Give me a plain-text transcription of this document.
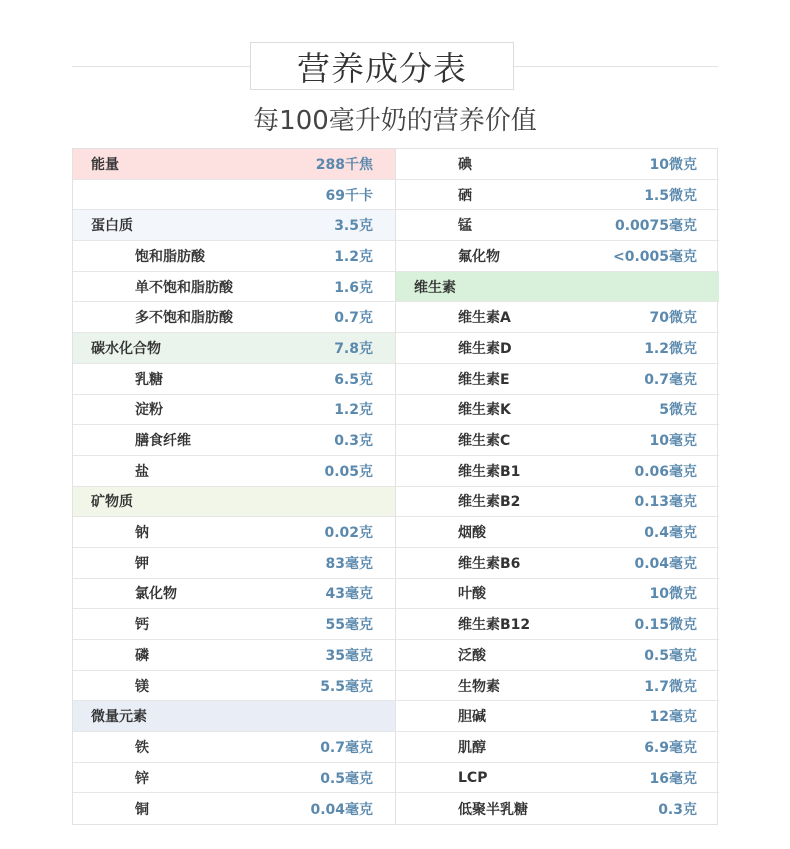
营养成分表
每100毫升奶的营养价值
能量	288千焦
69千卡
蛋白质	3.5克
饱和脂肪酸	1.2克
单不饱和脂肪酸	1.6克
多不饱和脂肪酸	0.7克
碳水化合物	7.8克
乳糖	6.5克
淀粉	1.2克
膳食纤维	0.3克
盐	0.05克
矿物质
钠	0.02克
钾	83毫克
氯化物	43毫克
钙	55毫克
磷	35毫克
镁	5.5毫克
微量元素
铁	0.7毫克
锌	0.5毫克
铜	0.04毫克
碘	10微克
硒	1.5微克
锰	0.0075毫克
氟化物	<0.005毫克
维生素
维生素A	70微克
维生素D	1.2微克
维生素E	0.7毫克
维生素K	5微克
维生素C	10毫克
维生素B1	0.06毫克
维生素B2	0.13毫克
烟酸	0.4毫克
维生素B6	0.04毫克
叶酸	10微克
维生素B12	0.15微克
泛酸	0.5毫克
生物素	1.7微克
胆碱	12毫克
肌醇	6.9毫克
LCP	16毫克
低聚半乳糖	0.3克
